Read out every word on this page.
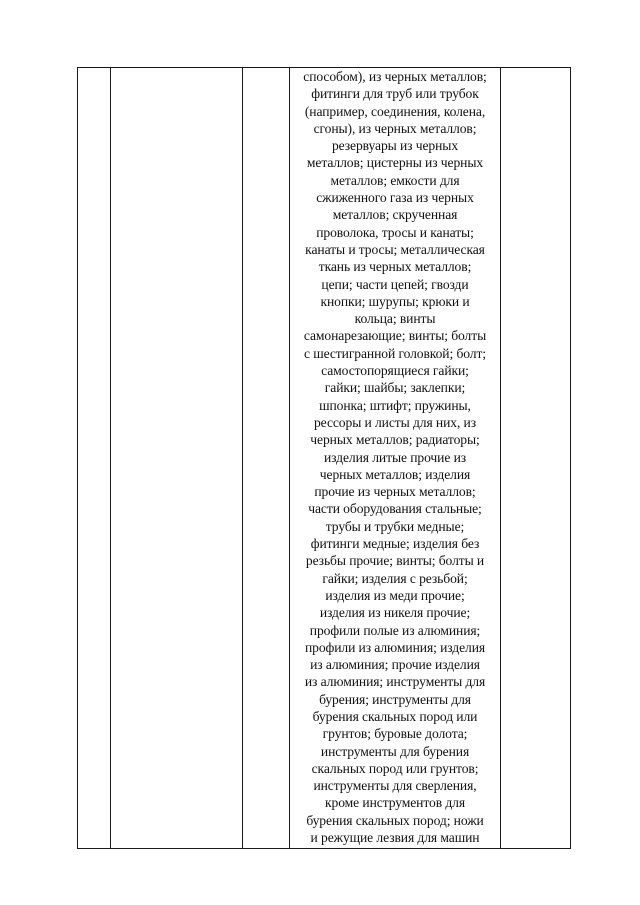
способом), из черных металлов;
фитинги для труб или трубок
(например, соединения, колена,
сгоны), из черных металлов;
резервуары из черных
металлов; цистерны из черных
металлов; емкости для
сжиженного газа из черных
металлов; скрученная
проволока, тросы и канаты;
канаты и тросы; металлическая
ткань из черных металлов;
цепи; части цепей; гвозди
кнопки; шурупы; крюки и
кольца; винты
самонарезающие; винты; болты
с шестигранной головкой; болт;
самостопорящиеся гайки;
гайки; шайбы; заклепки;
шпонка; штифт; пружины,
рессоры и листы для них, из
черных металлов; радиаторы;
изделия литые прочие из
черных металлов; изделия
прочие из черных металлов;
части оборудования стальные;
трубы и трубки медные;
фитинги медные; изделия без
резьбы прочие; винты; болты и
гайки; изделия с резьбой;
изделия из меди прочие;
изделия из никеля прочие;
профили полые из алюминия;
профили из алюминия; изделия
из алюминия; прочие изделия
из алюминия; инструменты для
бурения; инструменты для
бурения скальных пород или
грунтов; буровые долота;
инструменты для бурения
скальных пород или грунтов;
инструменты для сверления,
кроме инструментов для
бурения скальных пород; ножи
и режущие лезвия для машин
